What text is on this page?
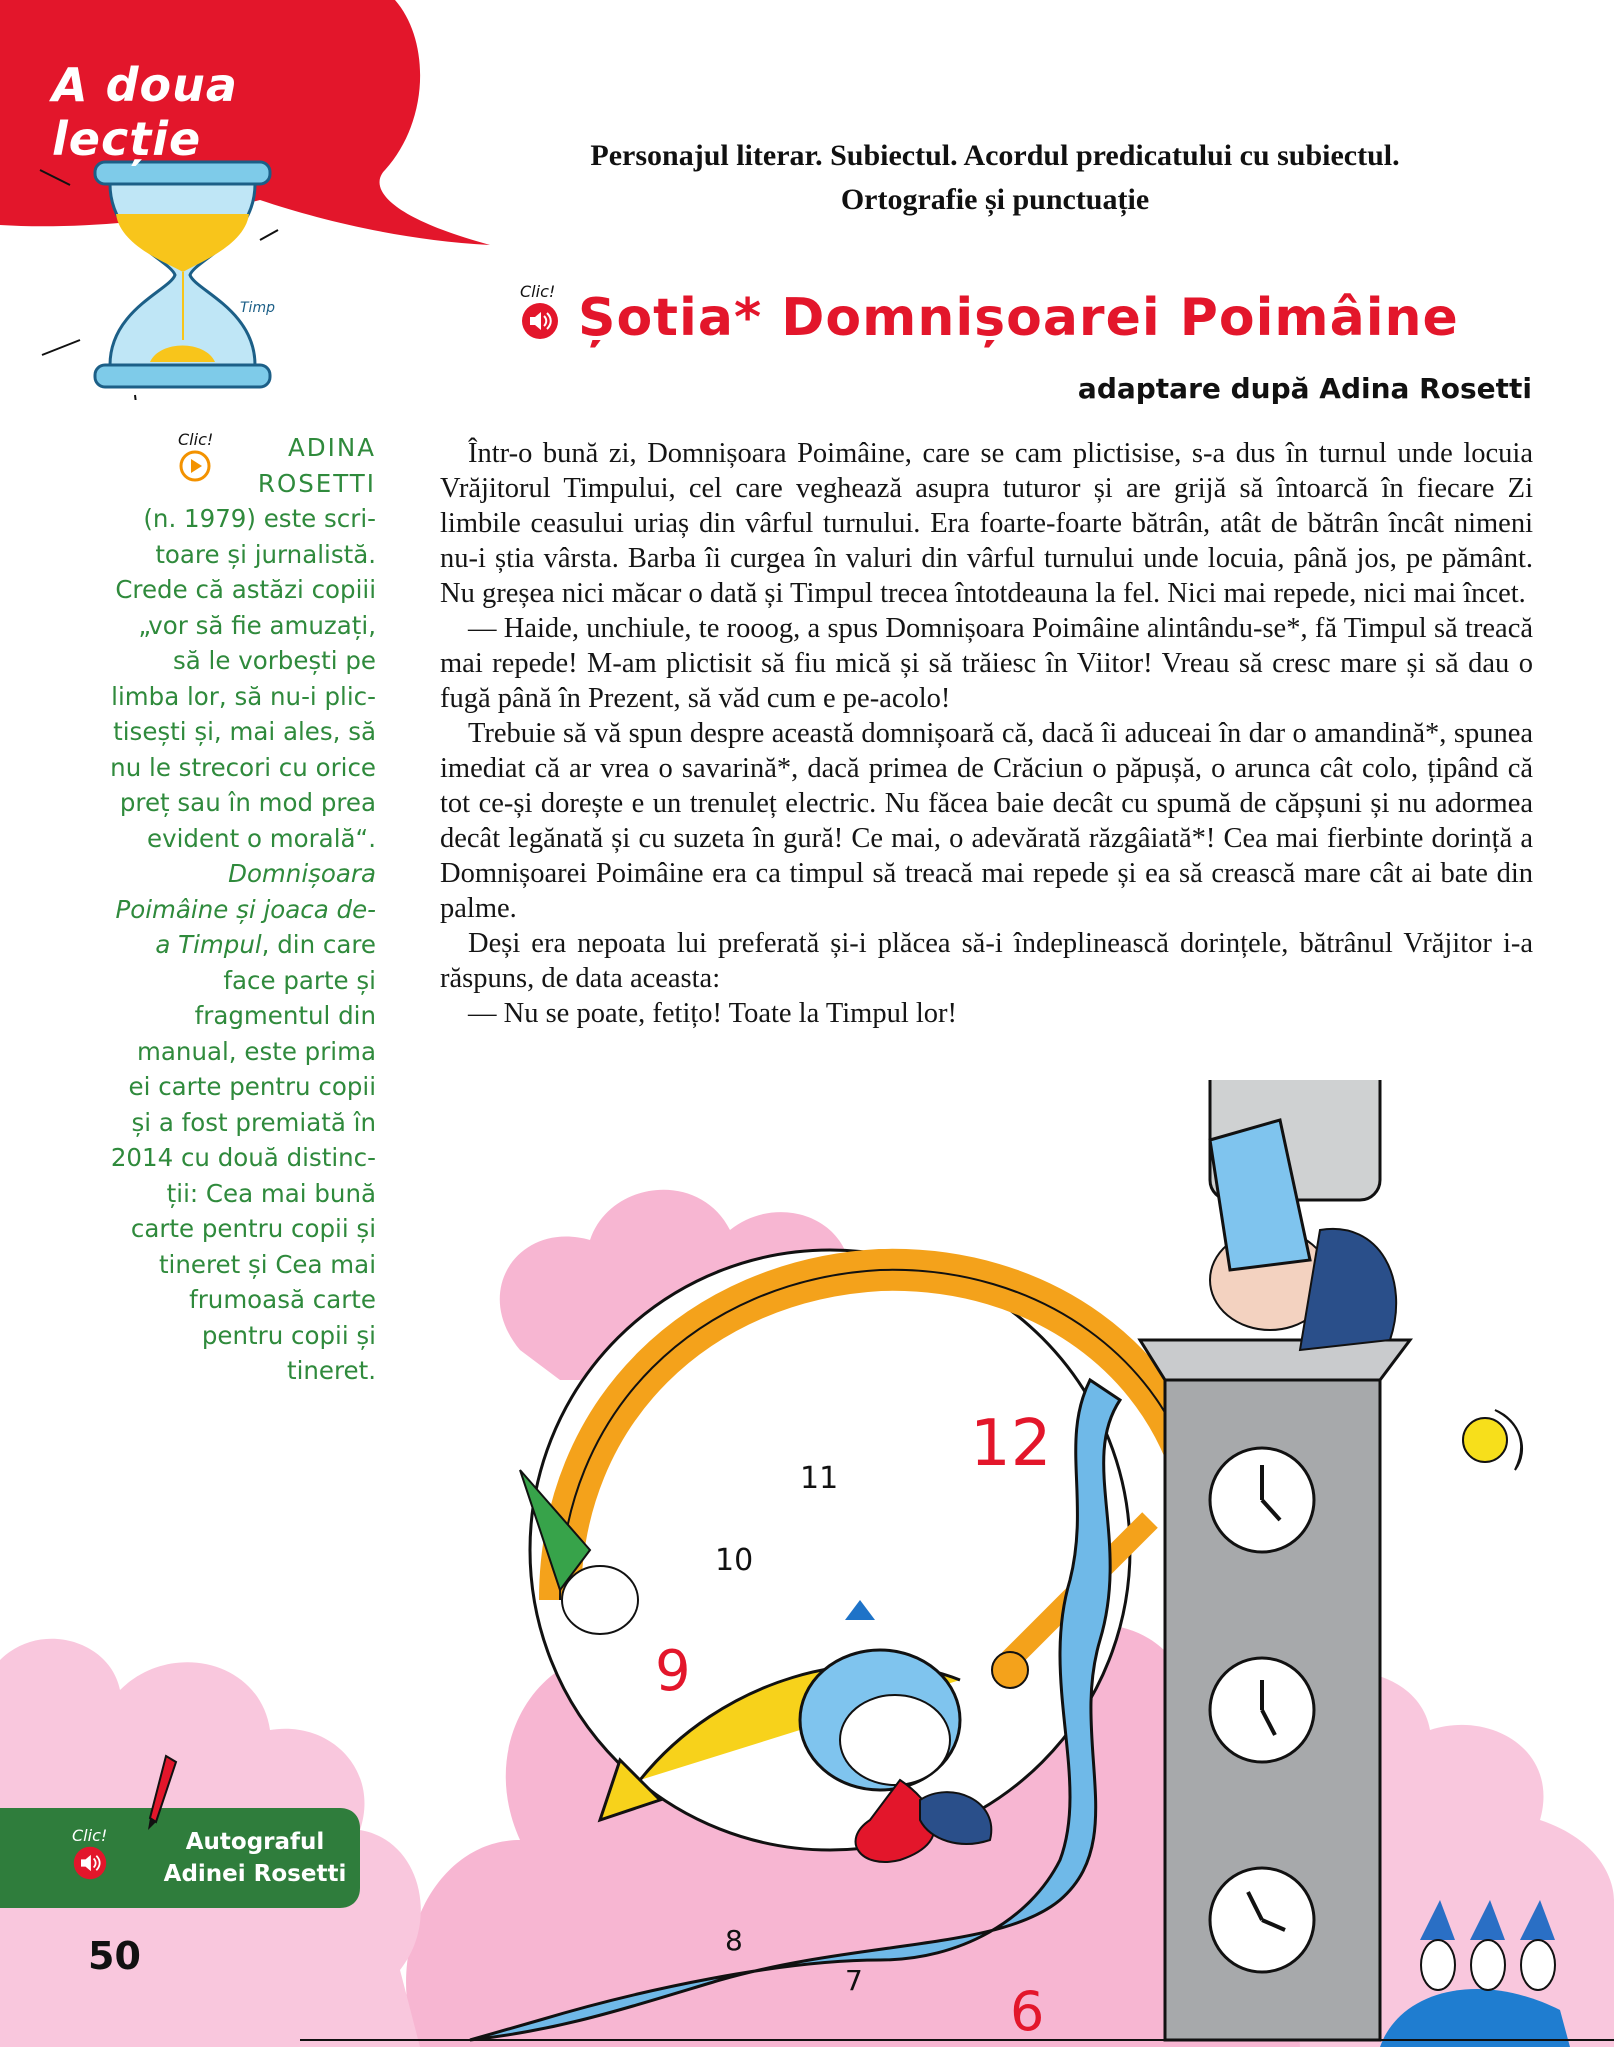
Timp
A doua lecție	Personajul literar. Subiectul. Acordul predicatului cu subiectul.
Ortografie și punctuație
Clic! Șotia* Domnișoarei Poimâine
adaptare după Adina Rosetti

Într-o bună zi, Domnișoara Poimâine, care se cam plictisise, s-a dus în turnul unde locuia Vrăjitorul Timpului, cel care veghează asupra tuturor și are grijă să întoarcă în fiecare Zi limbile ceasului uriaș din vârful turnului. Era foarte-foarte bătrân, atât de bătrân încât nimeni nu-i știa vârsta. Barba îi curgea în valuri din vârful turnului unde locuia, până jos, pe pământ. Nu greșea nici măcar o dată și Timpul trecea întotdeauna la fel. Nici mai repede, nici mai încet.

— Haide, unchiule, te rooog, a spus Domnișoara Poimâine alintându-se*, fă Timpul să treacă mai repede! M-am plictisit să fiu mică și să trăiesc în Viitor! Vreau să cresc mare și să dau o fugă până în Prezent, să văd cum e pe-acolo!

Trebuie să vă spun despre această domnișoară că, dacă îi aduceai în dar o amandină*, spunea imediat că ar vrea o savarină*, dacă primea de Crăciun o păpușă, o arunca cât colo, țipând că tot ce-și dorește e un trenuleț electric. Nu făcea baie decât cu spumă de căpșuni și nu adormea decât legănată și cu suzeta în gură! Ce mai, o adevărată răzgâiată*! Cea mai fierbinte dorință a Domnișoarei Poimâine era ca timpul să treacă mai repede și ea să crească mare cât ai bate din palme.

Deși era nepoata lui preferată și-i plăcea să-i îndeplinească dorințele, bătrânul Vrăjitor i-a răspuns, de data aceasta:

— Nu se poate, fetițo! Toate la Timpul lor!

Clic!	ADINA
ROSETTI
(n. 1979) este scritoare și jurnalistă. Crede că astăzi copiii „vor să fie amuzați, să le vorbești pe limba lor, să nu-i plictisești și, mai ales, să nu le strecori cu orice preț sau în mod prea evident o morală“. Domnișoara Poimâine și joaca de-a Timpul, din care face parte și fragmentul din manual, este prima ei carte pentru copii și a fost premiată în 2014 cu două distincții: Cea mai bună carte pentru copii și tineret și Cea mai frumoasă carte pentru copii și tineret.
12
11
10
9
8
7	6
Clic!	Autograful
Adinei Rosetti
50
